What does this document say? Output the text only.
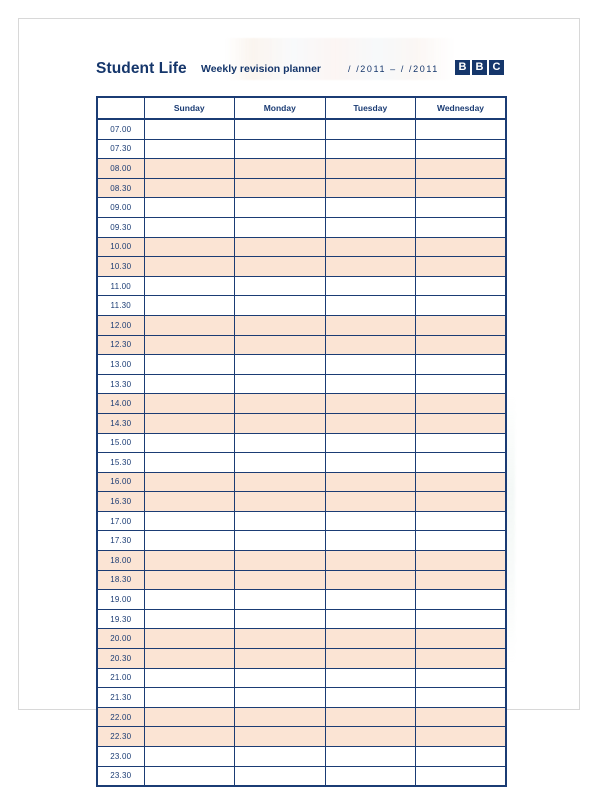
Student Life Weekly revision planner	/ /2011 – / /2011	B B C
	Sunday	Monday	Tuesday	Wednesday
07.00				
07.30				
08.00				
08.30				
09.00				
09.30				
10.00				
10.30				
11.00				
11.30				
12.00				
12.30				
13.00				
13.30				
14.00				
14.30				
15.00				
15.30				
16.00				
16.30				
17.00				
17.30				
18.00				
18.30				
19.00				
19.30				
20.00				
20.30				
21.00				
21.30				
22.00				
22.30				
23.00				
23.30				
